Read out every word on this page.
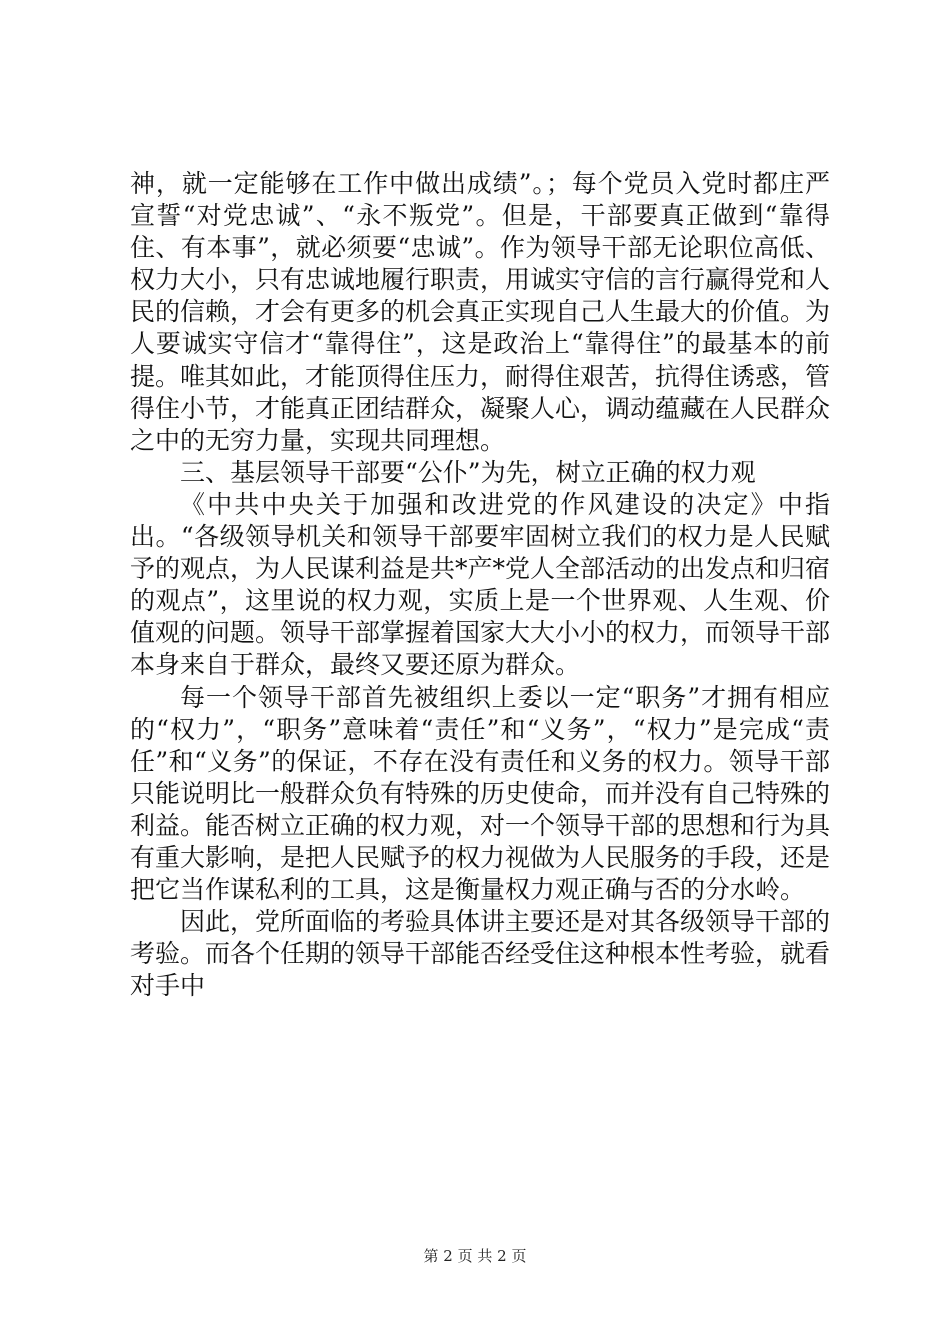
神，就一定能够在工作中做出成绩”。；每个党员入党时都庄严宣誓“对党忠诚”、“永不叛党”。但是，干部要真正做到“靠得住、有本事”，就必须要“忠诚”。作为领导干部无论职位高低、权力大小，只有忠诚地履行职责，用诚实守信的言行赢得党和人民的信赖，才会有更多的机会真正实现自己人生最大的价值。为人要诚实守信才“靠得住”，这是政治上“靠得住”的最基本的前提。唯其如此，才能顶得住压力，耐得住艰苦，抗得住诱惑，管得住小节，才能真正团结群众，凝聚人心，调动蕴藏在人民群众之中的无穷力量，实现共同理想。

三、基层领导干部要“公仆”为先，树立正确的权力观

《中共中央关于加强和改进党的作风建设的决定》中指出。“各级领导机关和领导干部要牢固树立我们的权力是人民赋予的观点，为人民谋利益是共*产*党人全部活动的出发点和归宿的观点”，这里说的权力观，实质上是一个世界观、人生观、价值观的问题。领导干部掌握着国家大大小小的权力，而领导干部本身来自于群众，最终又要还原为群众。

每一个领导干部首先被组织上委以一定“职务”才拥有相应的“权力”，“职务”意味着“责任”和“义务”，“权力”是完成“责任”和“义务”的保证，不存在没有责任和义务的权力。领导干部只能说明比一般群众负有特殊的历史使命，而并没有自己特殊的利益。能否树立正确的权力观，对一个领导干部的思想和行为具有重大影响，是把人民赋予的权力视做为人民服务的手段，还是把它当作谋私利的工具，这是衡量权力观正确与否的分水岭。

因此，党所面临的考验具体讲主要还是对其各级领导干部的考验。而各个任期的领导干部能否经受住这种根本性考验，就看对手中

第 2 页 共 2 页
